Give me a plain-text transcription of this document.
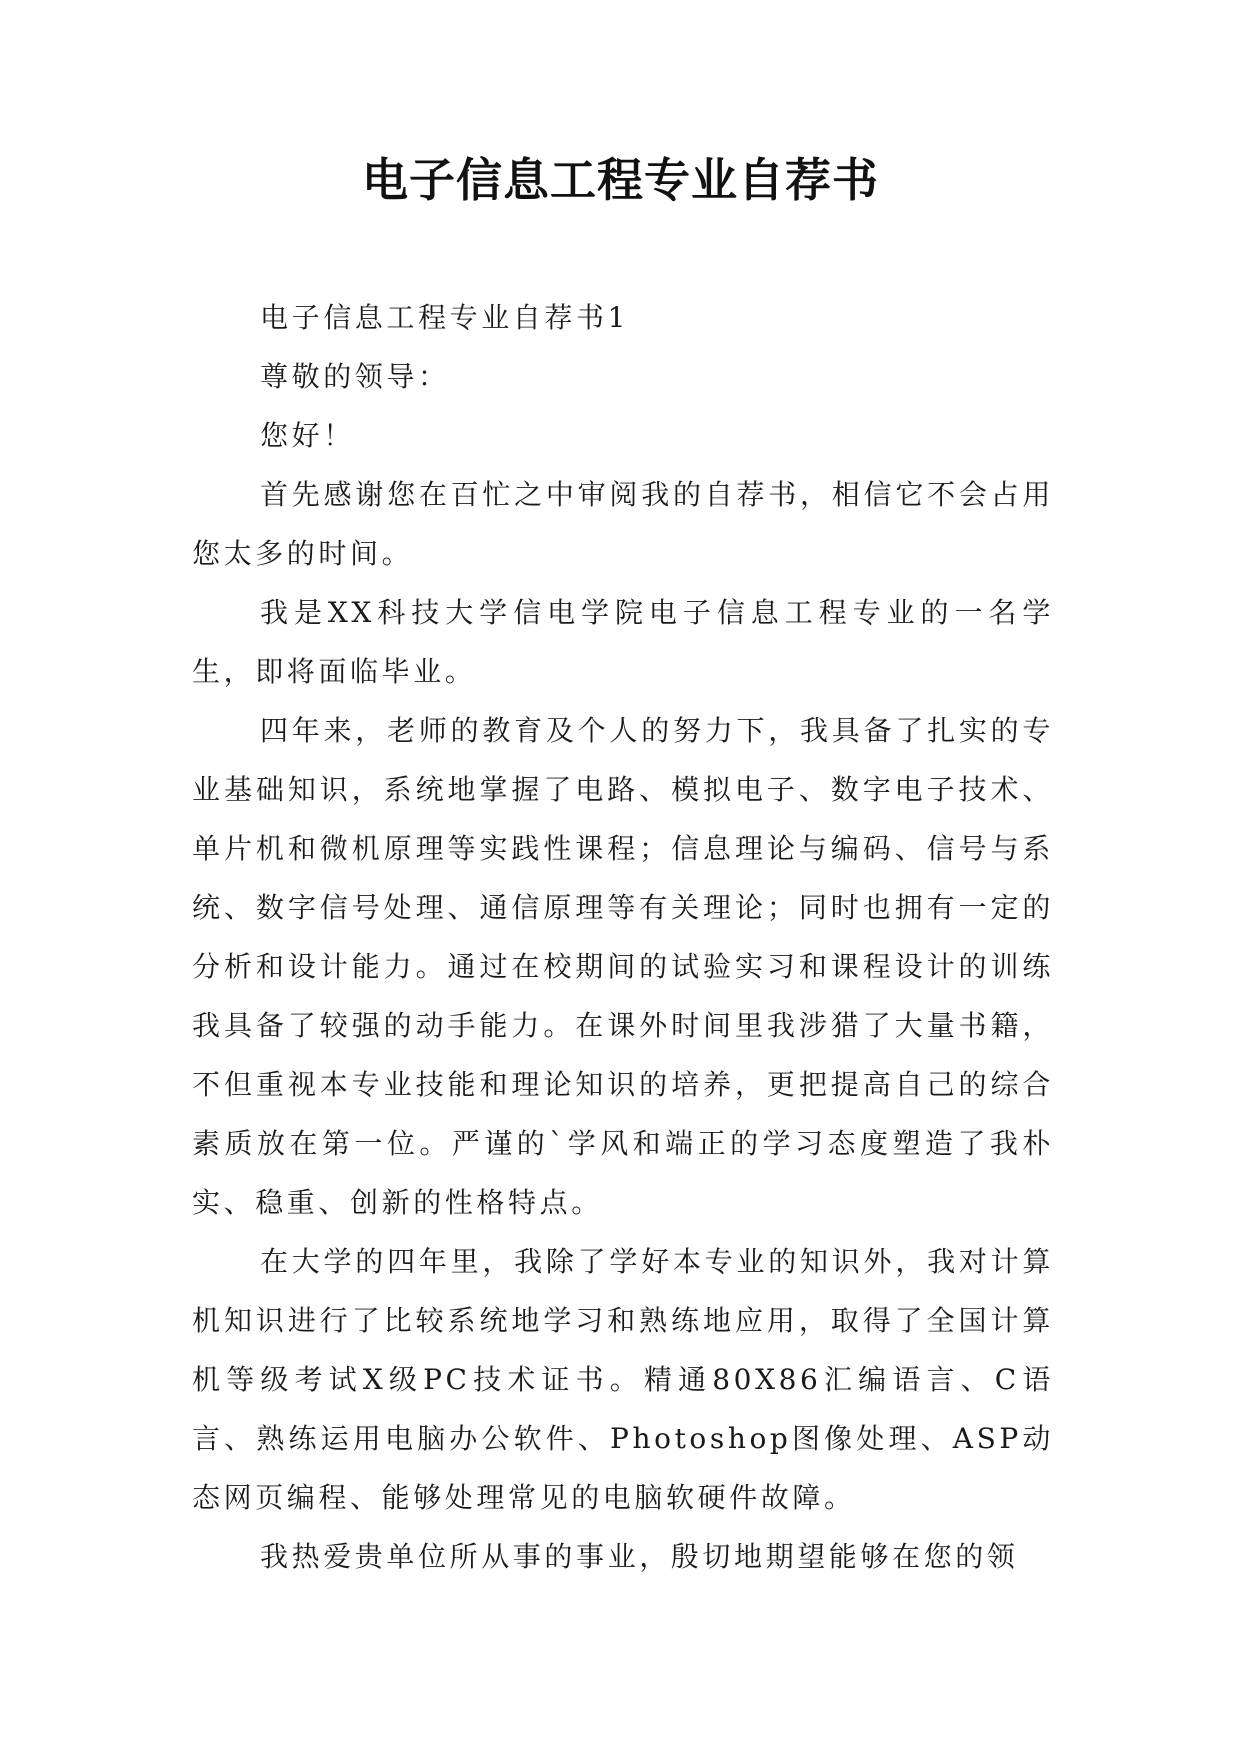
电子信息工程专业自荐书

电子信息工程专业自荐书1

尊敬的领导：

您好！

首先感谢您在百忙之中审阅我的自荐书，相信它不会占用您太多的时间。

我是XX科技大学信电学院电子信息工程专业的一名学生，即将面临毕业。

四年来，老师的教育及个人的努力下，我具备了扎实的专业基础知识，系统地掌握了电路、模拟电子、数字电子技术、单片机和微机原理等实践性课程；信息理论与编码、信号与系统、数字信号处理、通信原理等有关理论；同时也拥有一定的分析和设计能力。通过在校期间的试验实习和课程设计的训练我具备了较强的动手能力。在课外时间里我涉猎了大量书籍，不但重视本专业技能和理论知识的培养，更把提高自己的综合素质放在第一位。严谨的`学风和端正的学习态度塑造了我朴实、稳重、创新的性格特点。

在大学的四年里，我除了学好本专业的知识外，我对计算机知识进行了比较系统地学习和熟练地应用，取得了全国计算机等级考试X级PC技术证书。精通80X86汇编语言、C语言、熟练运用电脑办公软件、Photoshop图像处理、ASP动态网页编程、能够处理常见的电脑软硬件故障。

我热爱贵单位所从事的事业，殷切地期望能够在您的领
